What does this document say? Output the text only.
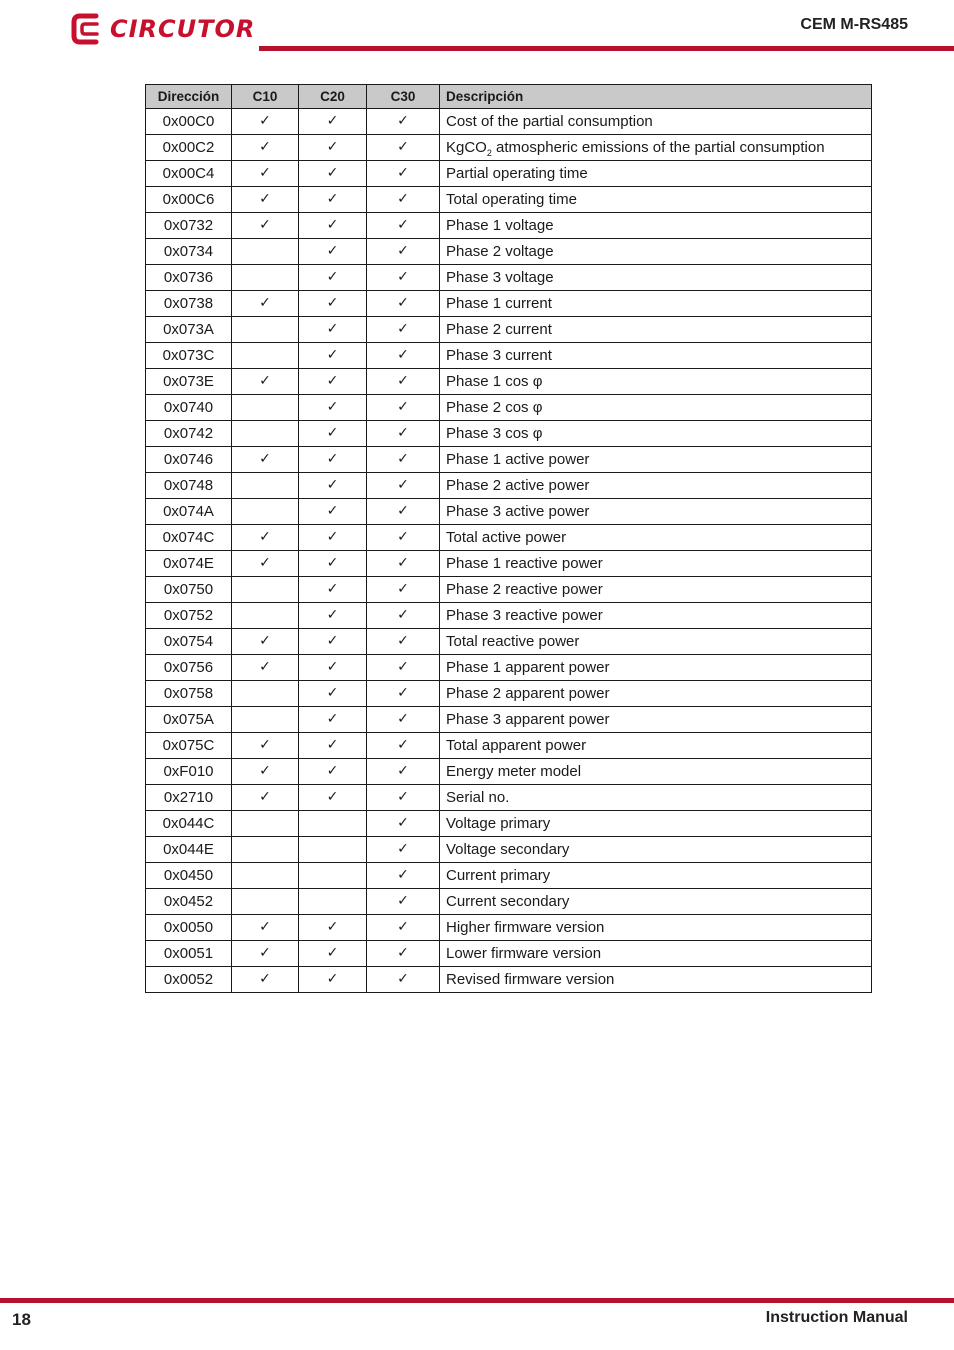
CIRCUTOR	CEM M-RS485
Dirección	C10	C20	C30	Descripción
0x00C0	✓	✓	✓	Cost of the partial consumption
0x00C2	✓	✓	✓	KgCO$_2$ atmospheric emissions of the partial consumption
0x00C4	✓	✓	✓	Partial operating time
0x00C6	✓	✓	✓	Total operating time
0x0732	✓	✓	✓	Phase 1 voltage
0x0734		✓	✓	Phase 2 voltage
0x0736		✓	✓	Phase 3 voltage
0x0738	✓	✓	✓	Phase 1 current
0x073A		✓	✓	Phase 2 current
0x073C		✓	✓	Phase 3 current
0x073E	✓	✓	✓	Phase 1 cos φ
0x0740		✓	✓	Phase 2 cos φ
0x0742		✓	✓	Phase 3 cos φ
0x0746	✓	✓	✓	Phase 1 active power
0x0748		✓	✓	Phase 2 active power
0x074A		✓	✓	Phase 3 active power
0x074C	✓	✓	✓	Total active power
0x074E	✓	✓	✓	Phase 1 reactive power
0x0750		✓	✓	Phase 2 reactive power
0x0752		✓	✓	Phase 3 reactive power
0x0754	✓	✓	✓	Total reactive power
0x0756	✓	✓	✓	Phase 1 apparent power
0x0758		✓	✓	Phase 2 apparent power
0x075A		✓	✓	Phase 3 apparent power
0x075C	✓	✓	✓	Total apparent power
0xF010	✓	✓	✓	Energy meter model
0x2710	✓	✓	✓	Serial no.
0x044C			✓	Voltage primary
0x044E			✓	Voltage secondary
0x0450			✓	Current primary
0x0452			✓	Current secondary
0x0050	✓	✓	✓	Higher firmware version
0x0051	✓	✓	✓	Lower firmware version
0x0052	✓	✓	✓	Revised firmware version
18	Instruction Manual
